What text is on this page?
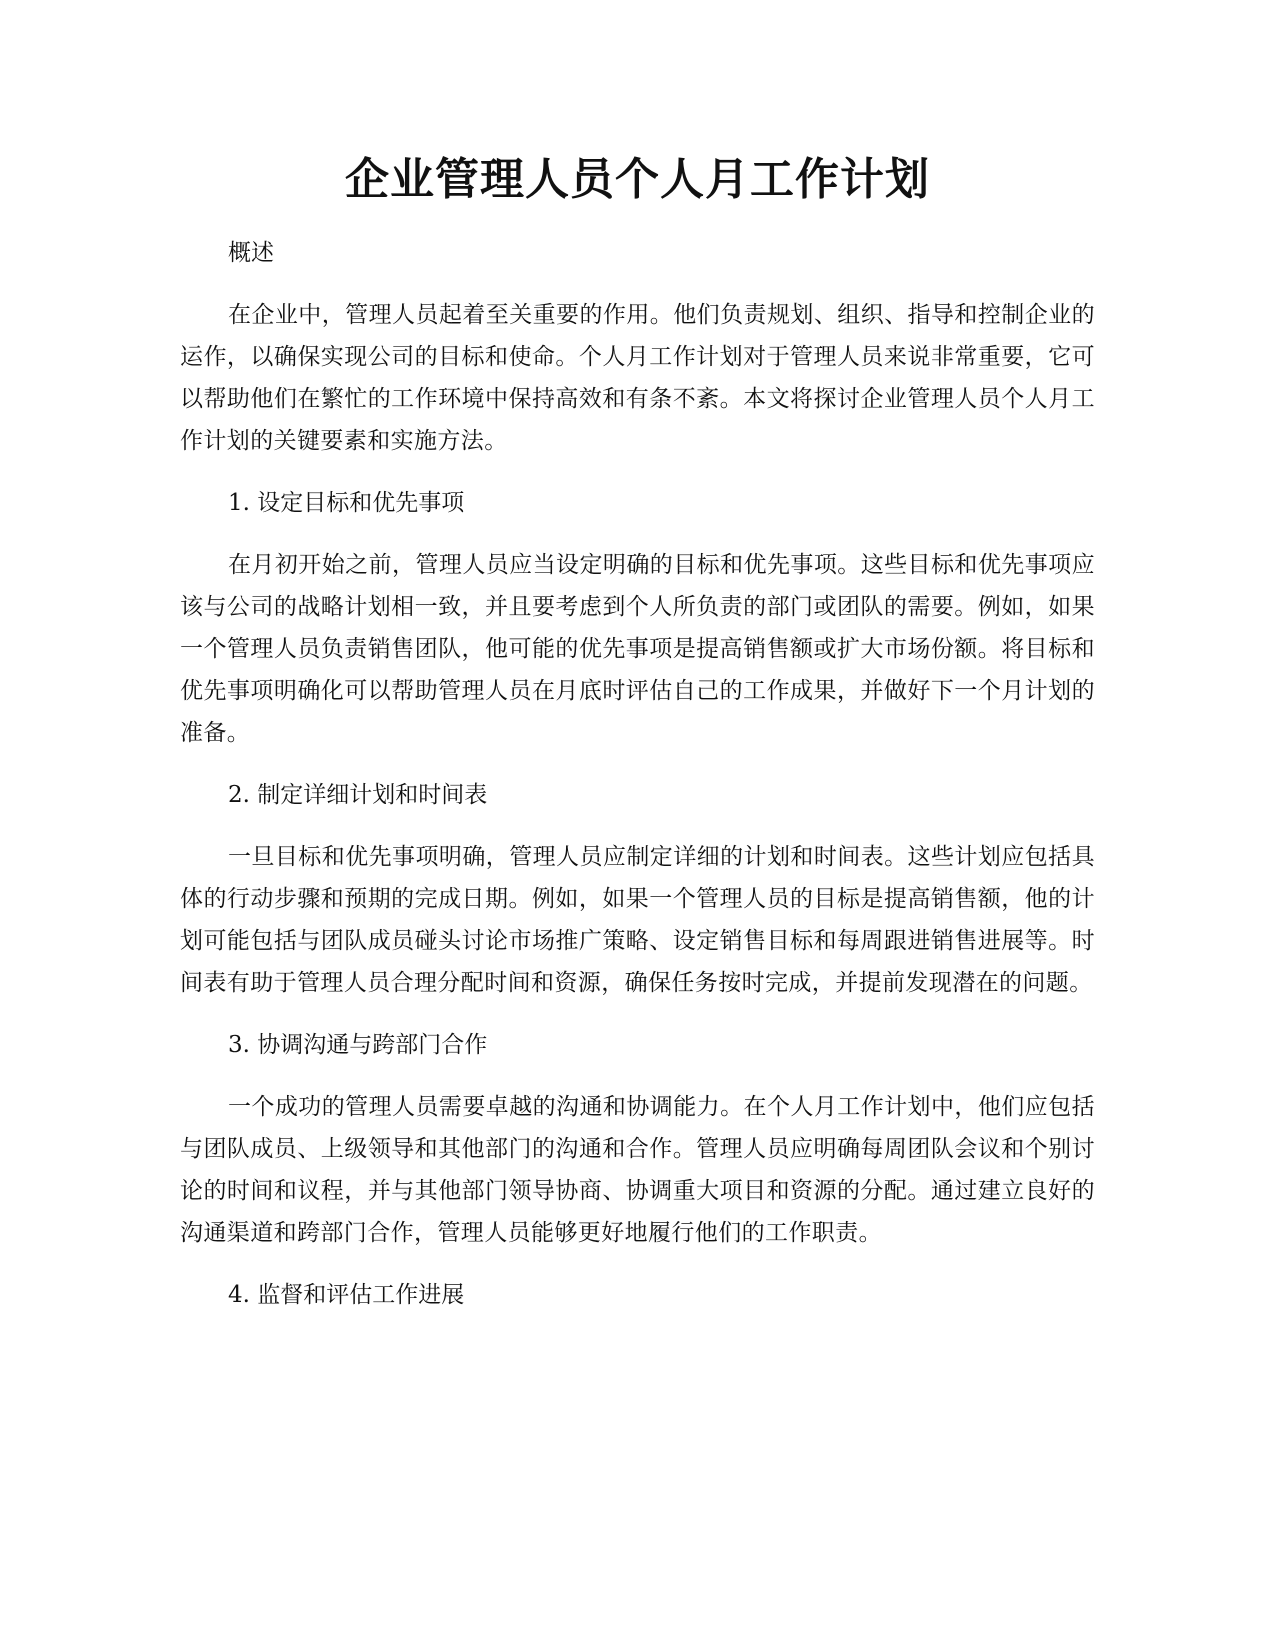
企业管理人员个人月工作计划

概述

在企业中，管理人员起着至关重要的作用。他们负责规划、组织、指导和控制企业的运作，以确保实现公司的目标和使命。个人月工作计划对于管理人员来说非常重要，它可以帮助他们在繁忙的工作环境中保持高效和有条不紊。本文将探讨企业管理人员个人月工作计划的关键要素和实施方法。

1. 设定目标和优先事项

在月初开始之前，管理人员应当设定明确的目标和优先事项。这些目标和优先事项应该与公司的战略计划相一致，并且要考虑到个人所负责的部门或团队的需要。例如，如果一个管理人员负责销售团队，他可能的优先事项是提高销售额或扩大市场份额。将目标和优先事项明确化可以帮助管理人员在月底时评估自己的工作成果，并做好下一个月计划的准备。

2. 制定详细计划和时间表

一旦目标和优先事项明确，管理人员应制定详细的计划和时间表。这些计划应包括具体的行动步骤和预期的完成日期。例如，如果一个管理人员的目标是提高销售额，他的计划可能包括与团队成员碰头讨论市场推广策略、设定销售目标和每周跟进销售进展等。时间表有助于管理人员合理分配时间和资源，确保任务按时完成，并提前发现潜在的问题。

3. 协调沟通与跨部门合作

一个成功的管理人员需要卓越的沟通和协调能力。在个人月工作计划中，他们应包括与团队成员、上级领导和其他部门的沟通和合作。管理人员应明确每周团队会议和个别讨论的时间和议程，并与其他部门领导协商、协调重大项目和资源的分配。通过建立良好的沟通渠道和跨部门合作，管理人员能够更好地履行他们的工作职责。

4. 监督和评估工作进展
